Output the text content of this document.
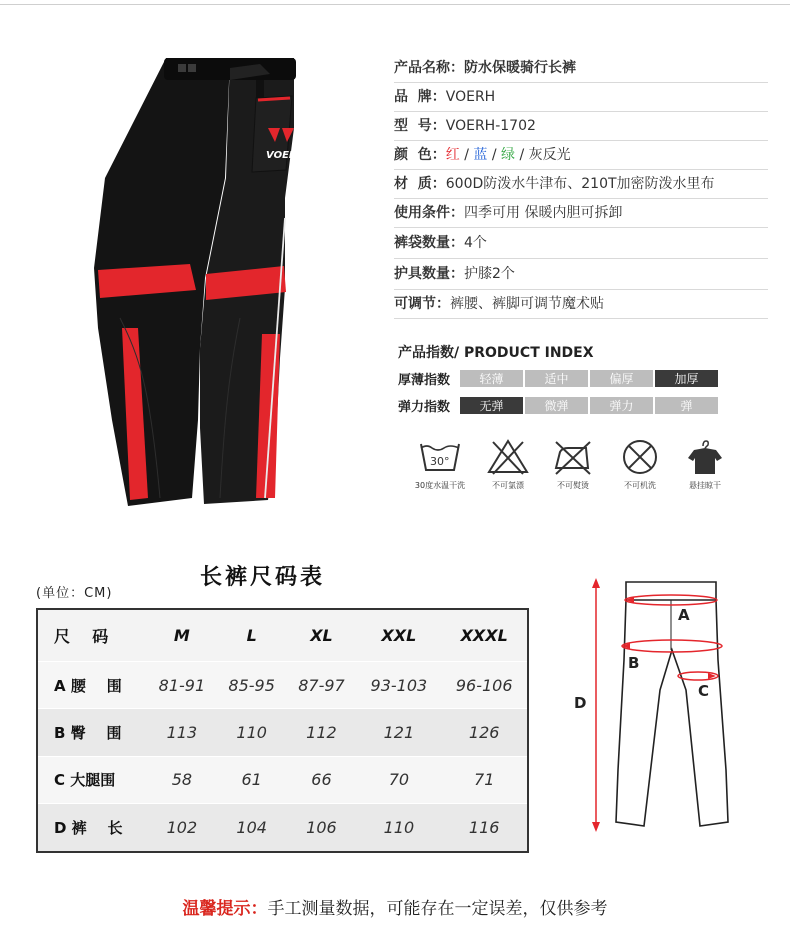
VOERH
产品名称：防水保暖骑行长裤
品  牌：VOERH
型  号：VOERH-1702
颜  色：红 / 蓝 / 绿 / 灰反光
材  质：600D防泼水牛津布、210T加密防泼水里布
使用条件：四季可用 保暖内胆可拆卸
裤袋数量：4个
护具数量：护膝2个
可调节：裤腰、裤脚可调节魔术贴
产品指数/ PRODUCT INDEX
厚薄指数	轻薄	适中	偏厚	加厚
弹力指数	无弹	微弹	弹力	弹
30°
30度水温干洗	不可氯漂	不可熨烫	不可机洗	悬挂晾干
长裤尺码表
(单位：CM)
尺    码	M	L	XL	XXL	XXXL
A 腰    围	81-91	85-95	87-97	93-103	96-106
B 臀    围	113	110	112	121	126
C 大腿围	58	61	66	70	71
D 裤    长	102	104	106	110	116
A
B
C
D
温馨提示：手工测量数据，可能存在一定误差，仅供参考
